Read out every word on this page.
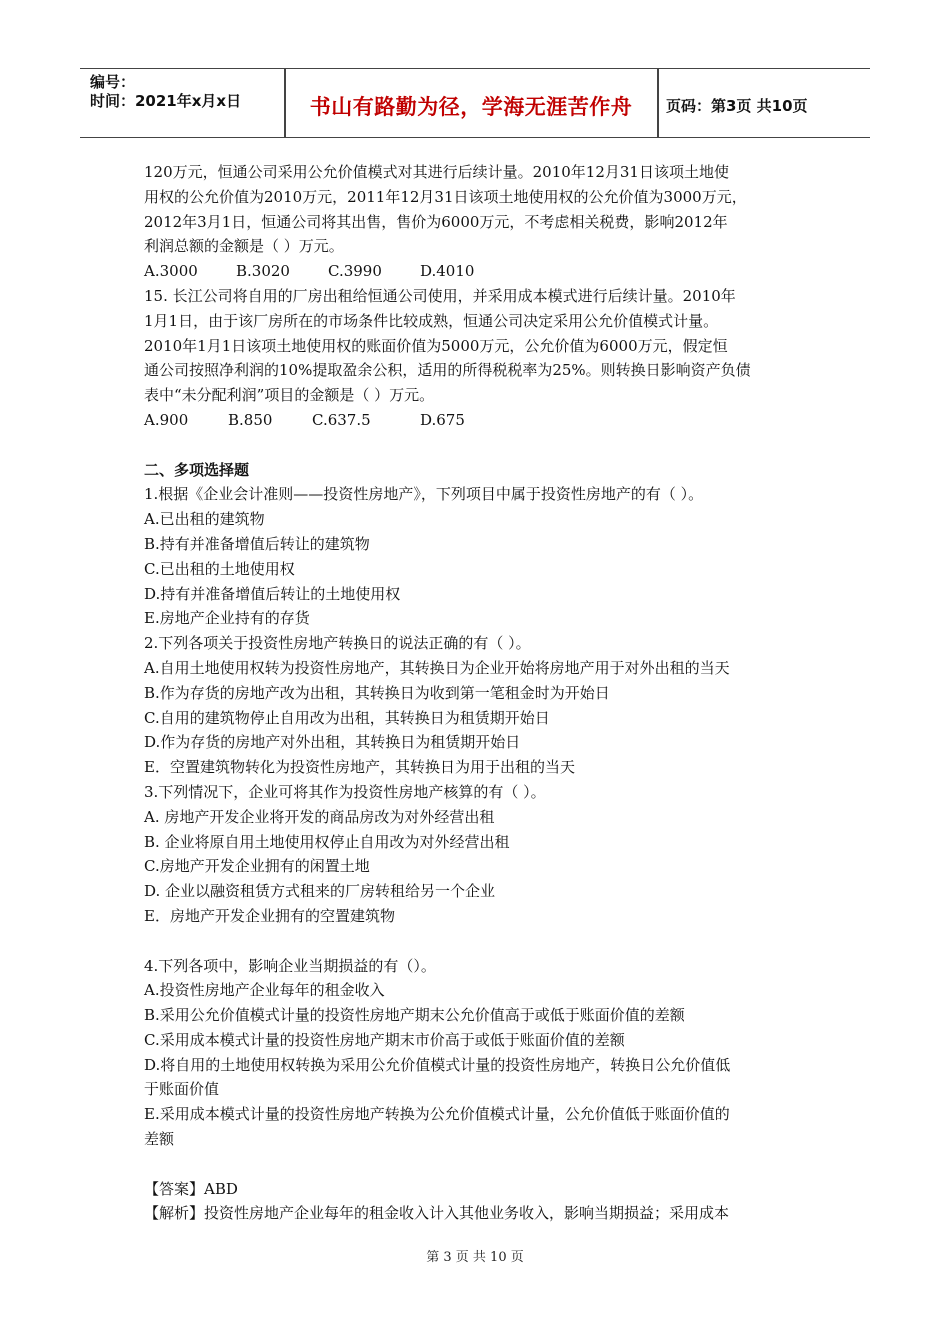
编号：
时间：2021年x月x日	书山有路勤为径，学海无涯苦作舟	页码：第3页 共10页

120万元，恒通公司采用公允价值模式对其进行后续计量。2010年12月31日该项土地使

用权的公允价值为2010万元，2011年12月31日该项土地使用权的公允价值为3000万元，

2012年3月1日，恒通公司将其出售，售价为6000万元，不考虑相关税费，影响2012年

利润总额的金额是（ ）万元。

A.3000	B.3020	C.3990	D.4010

15. 长江公司将自用的厂房出租给恒通公司使用，并采用成本模式进行后续计量。2010年

1月1日，由于该厂房所在的市场条件比较成熟，恒通公司决定采用公允价值模式计量。

2010年1月1日该项土地使用权的账面价值为5000万元，公允价值为6000万元，假定恒

通公司按照净利润的10%提取盈余公积，适用的所得税税率为25%。则转换日影响资产负债

表中“未分配利润”项目的金额是（ ）万元。

A.900	B.850	C.637.5	D.675

二、多项选择题

1.根据《企业会计准则——投资性房地产》，下列项目中属于投资性房地产的有（ ）。

A.已出租的建筑物

B.持有并准备增值后转让的建筑物

C.已出租的土地使用权

D.持有并准备增值后转让的土地使用权

E.房地产企业持有的存货

2.下列各项关于投资性房地产转换日的说法正确的有（ ）。

A.自用土地使用权转为投资性房地产，其转换日为企业开始将房地产用于对外出租的当天

B.作为存货的房地产改为出租，其转换日为收到第一笔租金时为开始日

C.自用的建筑物停止自用改为出租，其转换日为租赁期开始日

D.作为存货的房地产对外出租，其转换日为租赁期开始日

E．空置建筑物转化为投资性房地产，其转换日为用于出租的当天

3.下列情况下，企业可将其作为投资性房地产核算的有（ ）。

A. 房地产开发企业将开发的商品房改为对外经营出租

B. 企业将原自用土地使用权停止自用改为对外经营出租

C.房地产开发企业拥有的闲置土地

D. 企业以融资租赁方式租来的厂房转租给另一个企业

E．房地产开发企业拥有的空置建筑物

4.下列各项中，影响企业当期损益的有（）。

A.投资性房地产企业每年的租金收入

B.采用公允价值模式计量的投资性房地产期末公允价值高于或低于账面价值的差额

C.采用成本模式计量的投资性房地产期末市价高于或低于账面价值的差额

D.将自用的土地使用权转换为采用公允价值模式计量的投资性房地产，转换日公允价值低

于账面价值

E.采用成本模式计量的投资性房地产转换为公允价值模式计量，公允价值低于账面价值的

差额

【答案】ABD

【解析】投资性房地产企业每年的租金收入计入其他业务收入，影响当期损益；采用成本

第 3 页 共 10 页
